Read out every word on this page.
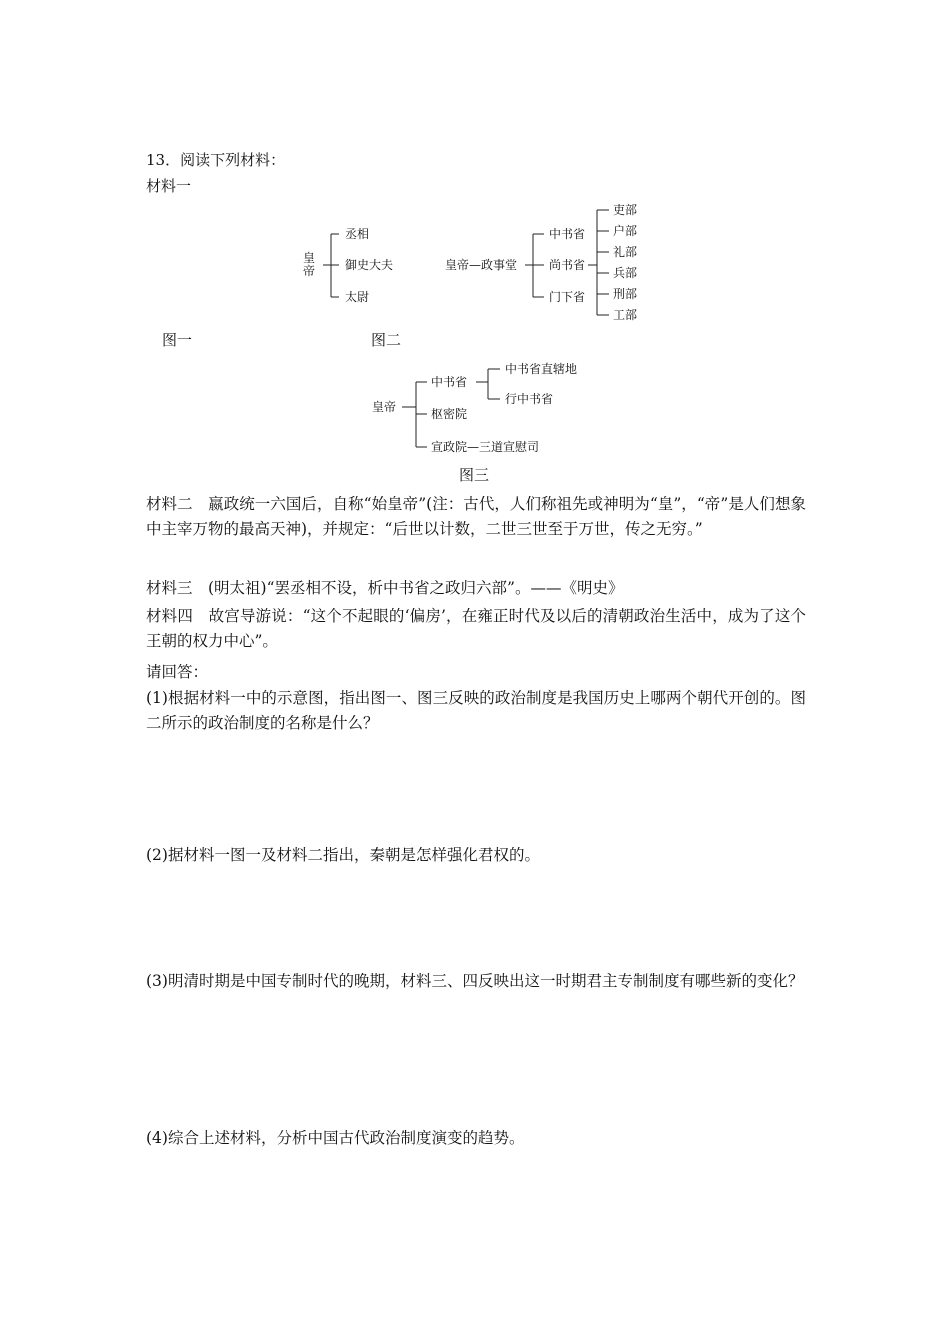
13．阅读下列材料：
材料一
皇帝
丞相
御史大夫
太尉
图一
皇帝—政事堂
中书省
尚书省
门下省
吏部
户部
礼部
兵部
刑部
工部
图二
皇帝
中书省
中书省直辖地
行中书省
枢密院
宣政院—三道宣慰司
图三
材料二　嬴政统一六国后，自称“始皇帝”(注：古代，人们称祖先或神明为“皇”，“帝”是人们想象中主宰万物的最高天神)，并规定：“后世以计数，二世三世至于万世，传之无穷。”
材料三　(明太祖)“罢丞相不设，析中书省之政归六部”。——《明史》
材料四　故宫导游说：“这个不起眼的‘偏房’，在雍正时代及以后的清朝政治生活中，成为了这个王朝的权力中心”。
请回答：
(1)根据材料一中的示意图，指出图一、图三反映的政治制度是我国历史上哪两个朝代开创的。图二所示的政治制度的名称是什么？
(2)据材料一图一及材料二指出，秦朝是怎样强化君权的。
(3)明清时期是中国专制时代的晚期，材料三、四反映出这一时期君主专制制度有哪些新的变化？
(4)综合上述材料，分析中国古代政治制度演变的趋势。
